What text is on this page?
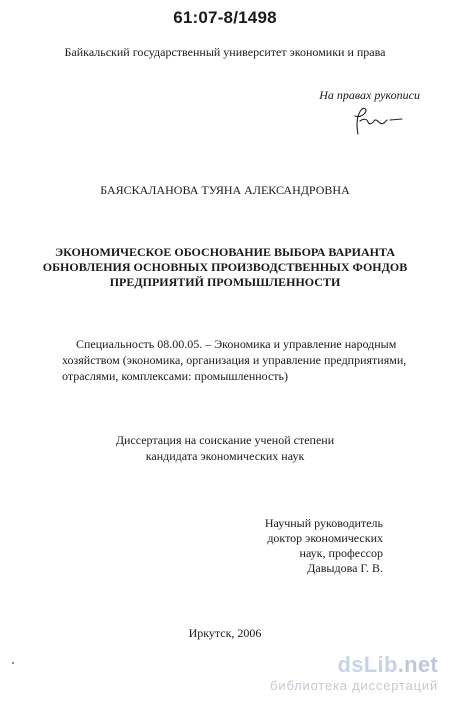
61:07-8/1498
Байкальский государственный университет экономики и права
На правах рукописи
БАЯСКАЛАНОВА ТУЯНА АЛЕКСАНДРОВНА
ЭКОНОМИЧЕСКОЕ ОБОСНОВАНИЕ ВЫБОРА ВАРИАНТА
ОБНОВЛЕНИЯ ОСНОВНЫХ ПРОИЗВОДСТВЕННЫХ ФОНДОВ
ПРЕДПРИЯТИЙ ПРОМЫШЛЕННОСТИ
Специальность 08.00.05. – Экономика и управление народным
хозяйством (экономика, организация и управление предприятиями,
отраслями, комплексами: промышленность)
Диссертация на соискание ученой степени
кандидата экономических наук
Научный руководитель
доктор экономических
наук, профессор
Давыдова Г. В.
Иркутск, 2006
dsLib.net
библиотека диссертаций
